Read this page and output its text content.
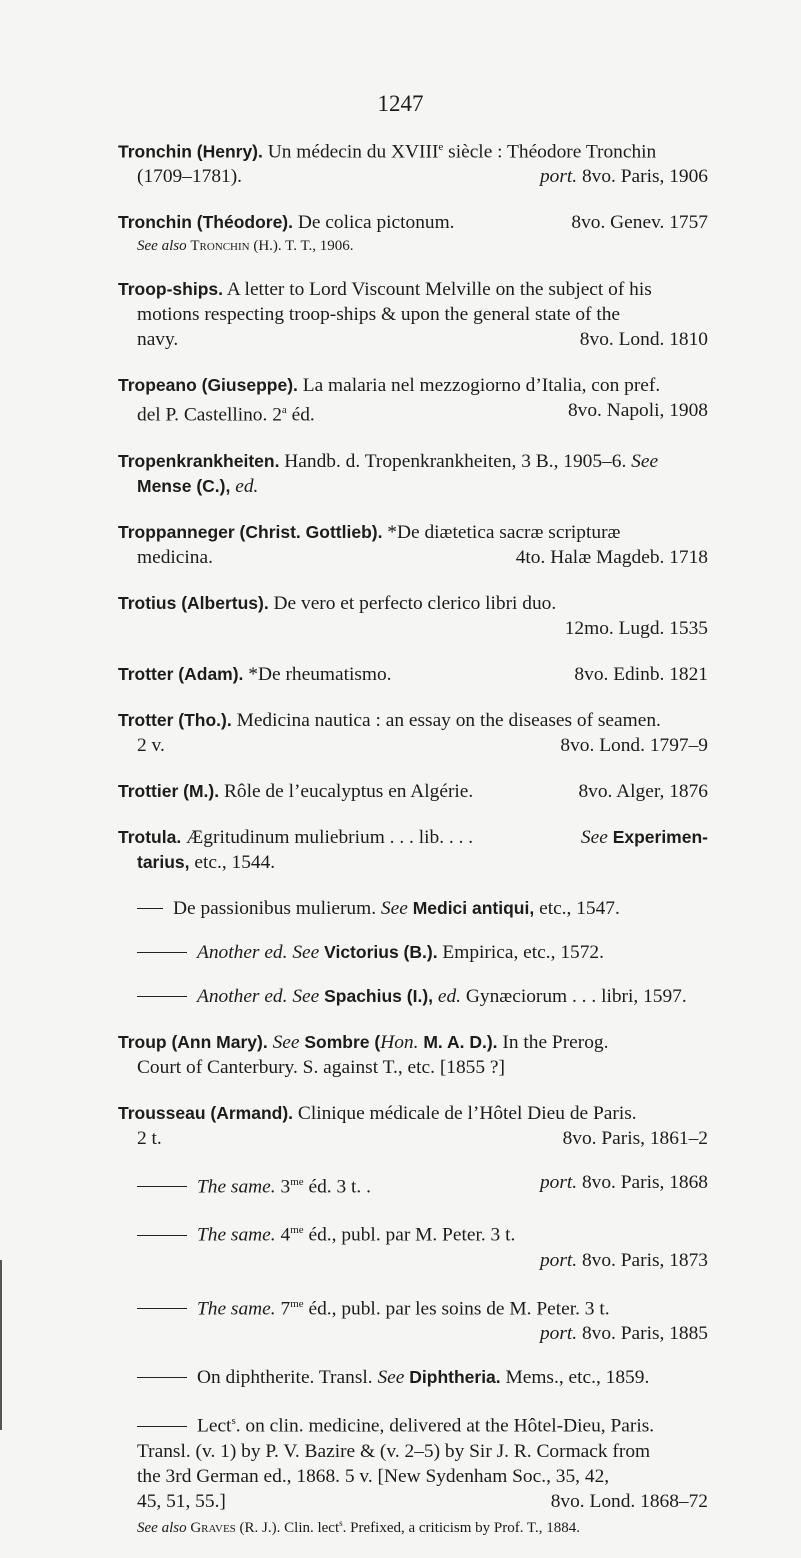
1247
Tronchin (Henry). Un médecin du XVIIIe siècle : Théodore Tronchin
(1709–1781).	port. 8vo. Paris, 1906
Tronchin (Théodore). De colica pictonum.	8vo. Genev. 1757
See also Tronchin (H.). T. T., 1906.
Troop-ships. A letter to Lord Viscount Melville on the subject of his
motions respecting troop-ships & upon the general state of the
navy.	8vo. Lond. 1810
Tropeano (Giuseppe). La malaria nel mezzogiorno d’Italia, con pref.
del P. Castellino. 2$^a$ éd.	8vo. Napoli, 1908
Tropenkrankheiten. Handb. d. Tropenkrankheiten, 3 B., 1905–6. See
Mense (C.), ed.
Troppanneger (Christ. Gottlieb). *De diætetica sacræ scripturæ
medicina.	4to. Halæ Magdeb. 1718
Trotius (Albertus). De vero et perfecto clerico libri duo.
12mo. Lugd. 1535
Trotter (Adam). *De rheumatismo.	8vo. Edinb. 1821
Trotter (Tho.). Medicina nautica : an essay on the diseases of seamen.
2 v.	8vo. Lond. 1797–9
Trottier (M.). Rôle de l’eucalyptus en Algérie.	8vo. Alger, 1876
Trotula. Ægritudinum muliebrium . . . lib. . . .	See Experimen-
tarius, etc., 1544.
De passionibus mulierum. See Medici antiqui, etc., 1547.
Another ed. See Victorius (B.). Empirica, etc., 1572.
Another ed. See Spachius (I.), ed. Gynæciorum . . . libri, 1597.
Troup (Ann Mary). See Sombre (Hon. M. A. D.). In the Prerog.
Court of Canterbury. S. against T., etc. [1855 ?]
Trousseau (Armand). Clinique médicale de l’Hôtel Dieu de Paris.
2 t.	8vo. Paris, 1861–2
The same. $3^{me}$ éd. 3 t. .	port. 8vo. Paris, 1868
The same. $4^{me}$ éd., publ. par M. Peter. 3 t.
port. 8vo. Paris, 1873
The same. $7^{me}$ éd., publ. par les soins de M. Peter. 3 t.
port. 8vo. Paris, 1885
On diphtherite. Transl. See Diphtheria. Mems., etc., 1859.
Lect$^s$. on clin. medicine, delivered at the Hôtel-Dieu, Paris.
Transl. (v. 1) by P. V. Bazire & (v. 2–5) by Sir J. R. Cormack from
the 3rd German ed., 1868. 5 v. [New Sydenham Soc., 35, 42,
45, 51, 55.]	8vo. Lond. 1868–72
See also Graves (R. J.). Clin. lect$^s$. Prefixed, a criticism by Prof. T., 1884.
